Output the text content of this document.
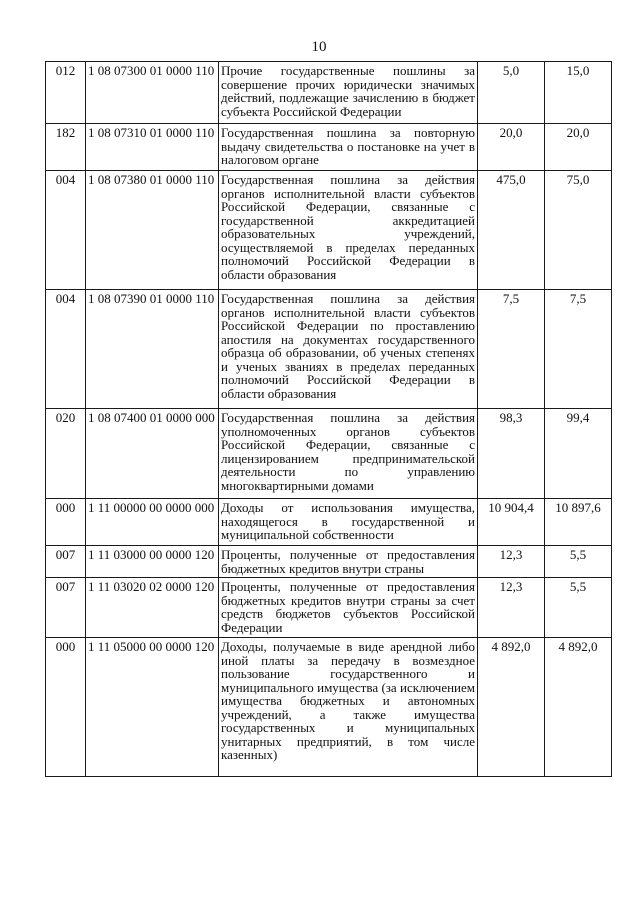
10
012	1 08 07300 01 0000 110	Прочие государственные пошлины за совершение прочих юридически значимых действий, подлежащие зачислению в бюджет субъекта Российской Федерации	5,0	15,0
182	1 08 07310 01 0000 110	Государственная пошлина за повторную выдачу свидетельства о постановке на учет в налоговом органе	20,0	20,0
004	1 08 07380 01 0000 110	Государственная пошлина за действия органов исполнительной власти субъектов Российской Федерации, связанные с государственной аккредитацией образовательных учреждений, осуществляемой в пределах переданных полномочий Российской Федерации в области образования	475,0	75,0
004	1 08 07390 01 0000 110	Государственная пошлина за действия органов исполнительной власти субъектов Российской Федерации по проставлению апостиля на документах государственного образца об образовании, об ученых степенях и ученых званиях в пределах переданных полномочий Российской Федерации в области образования	7,5	7,5
020	1 08 07400 01 0000 000	Государственная пошлина за действия уполномоченных органов субъектов Российской Федерации, связанные с лицензированием предпринимательской деятельности по управлению многоквартирными домами	98,3	99,4
000	1 11 00000 00 0000 000	Доходы от использования имущества, находящегося в государственной и муниципальной собственности	10 904,4	10 897,6
007	1 11 03000 00 0000 120	Проценты, полученные от предоставления бюджетных кредитов внутри страны	12,3	5,5
007	1 11 03020 02 0000 120	Проценты, полученные от предоставления бюджетных кредитов внутри страны за счет средств бюджетов субъектов Российской Федерации	12,3	5,5
000	1 11 05000 00 0000 120	Доходы, получаемые в виде арендной либо иной платы за передачу в возмездное пользование государственного и муниципального имущества (за исключением имущества бюджетных и автономных учреждений, а также имущества государственных и муниципальных унитарных предприятий, в том числе казенных)	4 892,0	4 892,0
